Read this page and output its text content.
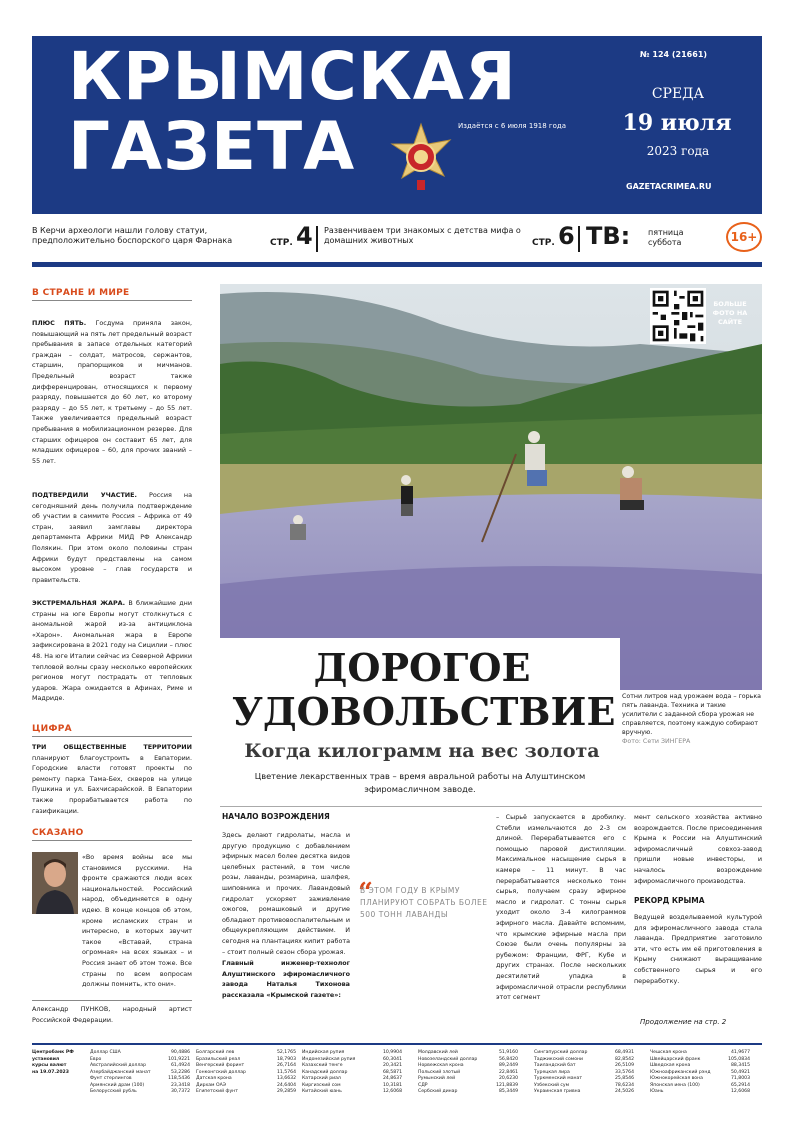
КРЫМСКАЯ
ГАЗЕТА	Издаётся с 6 июля 1918 года
№ 124 (21661)
СРЕДА
19 июля
2023 года
GAZETACRIMEA.RU
В Керчи археологи нашли голову статуи, предположительно боспорского царя Фарнака	СТР. 4 Развенчиваем три знакомых с детства мифа о домашних животных	СТР. 6 ТВ: пятница
суббота	16+
В СТРАНЕ И МИРЕ
ПЛЮС ПЯТЬ. Госдума приняла закон, повышающий на пять лет предельный возраст пребывания в запасе отдельных категорий граждан – солдат, матросов, сержантов, старшин, прапорщиков и мичманов. Предельный возраст также дифференцирован, относящихся к первому разряду, повышается до 60 лет, ко второму разряду – до 55 лет, к третьему – до 55 лет. Также увеличивается предельный возраст пребывания в мобилизационном резерве. Для старших офицеров он составит 65 лет, для младших офицеров – 60, для прочих званий – 55 лет.
ПОДТВЕРДИЛИ УЧАСТИЕ. Россия на сегодняшний день получила подтверждение об участии в саммите Россия – Африка от 49 стран, заявил замглавы директора департамента Африки МИД РФ Александр Полякин. При этом около половины стран Африки будут представлены на самом высоком уровне – глав государств и правительств.
ЭКСТРЕМАЛЬНАЯ ЖАРА. В ближайшие дни страны на юге Европы могут столкнуться с аномальной жарой из-за антициклона «Харон». Аномальная жара в Европе зафиксирована в 2021 году на Сицилии – плюс 48. На юге Италии сейчас из Северной Африки тепловой волны сразу несколько европейских регионов могут пострадать от тепловых ударов. Жара ожидается в Афинах, Риме и Мадриде.
ЦИФРА
ТРИ ОБЩЕСТВЕННЫЕ ТЕРРИТОРИИ планируют благоустроить в Евпатории. Городские власти готовят проекты по ремонту парка Тама-Бех, скверов на улице Пушкина и ул. Бахчисарайской. В Евпатории также прорабатывается работа по газификации.
СКАЗАНО
«Во время войны все мы становимся русскими. На фронте сражаются люди всех национальностей. Российский народ, объединяется в одну идею. В конце концов об этом, кроме исламских стран и интересно, в которых звучит такое «Вставай, страна огромная» на всех языках – и Россия знает об этом тоже. Все страны по всем вопросам должны помнить, кто они».
Александр ПУНКОВ, народный артист Российской Федерации.
БОЛЬШЕ ФОТО НА САЙТЕ
ДОРОГОЕ
УДОВОЛЬСТВИЕ
Когда килограмм на вес золота
Цветение лекарственных трав – время авральной работы на Алуштинском эфиромасличном заводе.
Сотни литров над урожаем вода – горька пять лавандa. Техника и такие усилители с заданной сбора урожая не справляется, поэтому каждую собирают вручную.
Фото: Сети ЗИНГЕРА
НАЧАЛО ВОЗРОЖДЕНИЯ
Здесь делают гидролаты, масла и другую продукцию с добавлением эфирных масел более десятка видов целебных растений, в том числе розы, лаванды, розмарина, шалфея, шиповника и прочих. Лавандовый гидролат ускоряет заживление ожогов, ромашковый и другие обладают противовоспалительным и общеукрепляющим действием. И сегодня на плантациях кипит работа – стоит полный сезон сбора урожая.
Главный инженер-технолог Алуштинского эфиромасличного завода Наталья Тихонова рассказала «Крымской газете»:
“
В ЭТОМ ГОДУ В КРЫМУ ПЛАНИРУЮТ СОБРАТЬ БОЛЕЕ 500 ТОНН ЛАВАНДЫ
– Сырьё запускается в дробилку. Стебли измельчаются до 2-3 см длиной. Перерабатывается его с помощью паровой дистилляции. Максимальное насыщение сырья в камере – 11 минут. В час перерабатывается несколько тонн сырья, получаем сразу эфирное масло и гидролат. С тонны сырья уходит около 3-4 килограммов эфирного масла. Давайте вспомним, что крымские эфирные масла при Союзе были очень популярны за рубежом: Франции, ФРГ, Кубе и других странах. После нескольких десятилетий упадка в эфиромасличной отрасли республики этот сегмент
мент сельского хозяйства активно возрождается. После присоединения Крыма к России на Алуштинский эфиромасличный совхоз-завод пришли новые инвесторы, и началось возрождение эфиромасличного производства.
РЕКОРД КРЫМА
Ведущей возделываемой культурой для эфиромасличного завода стала лаванда. Предприятие заготовило эти, что есть им её приготовления в Крыму снижают выращивание собственного сырья и его переработку.
Продолжение на стр. 2
Центробанк РФ
установил
курсы валют
на 19.07.2023
Доллар США	90,4886
Евро	101,9221
Австралийский доллар	61,4924
Азербайджанский манат	53,2286
Фунт стерлингов	118,5436
Армянский драм (100)	23,3418
Белорусский рубль	30,7372
Болгарский лев	52,1765
Бразильский реал	18,7903
Венгерский форинт	26,7164
Гонконгский доллар	11,5764
Датская крона	13,6632
Дирхам ОАЭ	24,6404
Египетский фунт	29,2859
Индийская рупия	10,9904
Индонезийская рупия	60,3041
Казахский тенге	20,3421
Канадский доллар	68,5871
Катарский риал	24,8637
Киргизский сом	10,3181
Китайский юань	12,6068
Молдавский лей	51,9160
Новозеландский доллар	56,8420
Норвежская крона	89,2449
Польский злотый	22,8461
Румынский лей	20,6230
СДР	121,8839
Сербский динар	85,3449
Сингапурский доллар	68,4931
Таджикский сомони	82,8542
Таиландский бат	26,5109
Турецкая лира	33,5764
Туркменский манат	25,8546
Узбекский сум	78,6234
Украинская гривна	24,5026
Чешская крона	41,9677
Швейцарский франк	105,0834
Шведская крона	88,3415
Южноафриканский рэнд	50,4921
Южнокорейская вона	71,8003
Японская иена (100)	65,2914
Юань	12,6068
